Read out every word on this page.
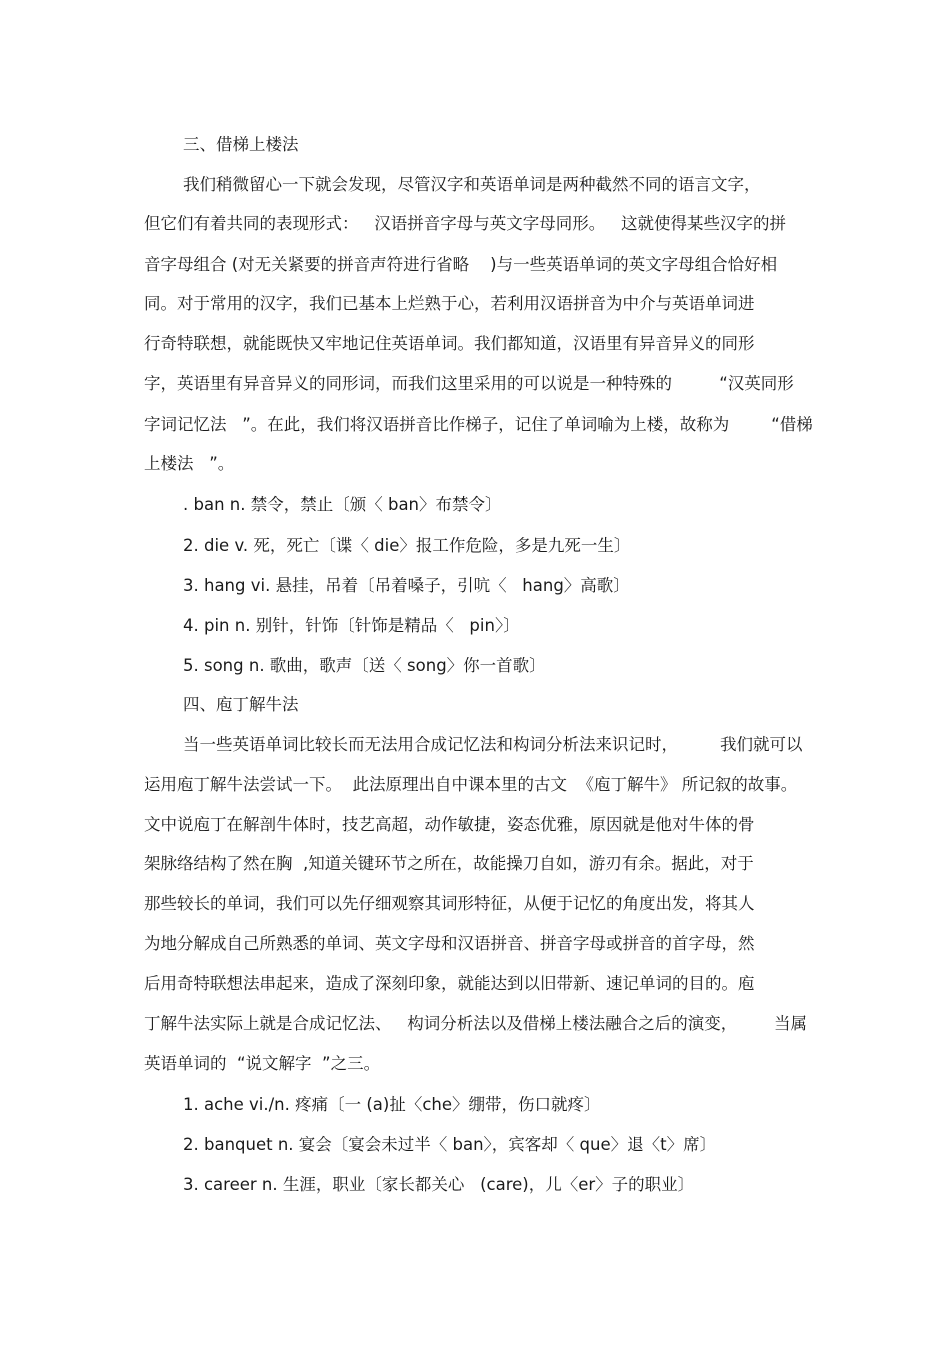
三、借梯上楼法
我们稍微留心一下就会发现，尽管汉字和英语单词是两种截然不同的语言文字，
但它们有着共同的表现形式：   汉语拼音字母与英文字母同形。   这就使得某些汉字的拼
音字母组合 (对无关紧要的拼音声符进行省略    )与一些英语单词的英文字母组合恰好相
同。对于常用的汉字，我们已基本上烂熟于心，若利用汉语拼音为中介与英语单词进
行奇特联想，就能既快又牢地记住英语单词。我们都知道，汉语里有异音异义的同形
字，英语里有异音异义的同形词，而我们这里采用的可以说是一种特殊的         “汉英同形
字词记忆法   ”。在此，我们将汉语拼音比作梯子，记住了单词喻为上楼，故称为        “借梯
上楼法   ”。
. ban n. 禁令，禁止〔颁〈 ban〉布禁令〕
2. die v. 死，死亡〔谍〈 die〉报工作危险，多是九死一生〕
3. hang vi. 悬挂，吊着〔吊着嗓子，引吭〈   hang〉高歌〕
4. pin n. 别针，针饰〔针饰是精品〈   pin〉〕
5. song n. 歌曲，歌声〔送〈 song〉你一首歌〕
四、庖丁解牛法
当一些英语单词比较长而无法用合成记忆法和构词分析法来识记时，        我们就可以
运用庖丁解牛法尝试一下。  此法原理出自中课本里的古文  《庖丁解牛》 所记叙的故事。
文中说庖丁在解剖牛体时，技艺高超，动作敏捷，姿态优雅，原因就是他对牛体的骨
架脉络结构了然在胸  ,知道关键环节之所在，故能操刀自如，游刃有余。据此，对于
那些较长的单词，我们可以先仔细观察其词形特征，从便于记忆的角度出发，将其人
为地分解成自己所熟悉的单词、英文字母和汉语拼音、拼音字母或拼音的首字母，然
后用奇特联想法串起来，造成了深刻印象，就能达到以旧带新、速记单词的目的。庖
丁解牛法实际上就是合成记忆法、   构词分析法以及借梯上楼法融合之后的演变，       当属
英语单词的  “说文解字  ”之三。
1. ache vi./n. 疼痛〔一 (a)扯〈che〉绷带，伤口就疼〕
2. banquet n. 宴会〔宴会未过半〈 ban〉，宾客却〈 que〉退〈t〉席〕
3. career n. 生涯，职业〔家长都关心   (care)，儿〈er〉子的职业〕
